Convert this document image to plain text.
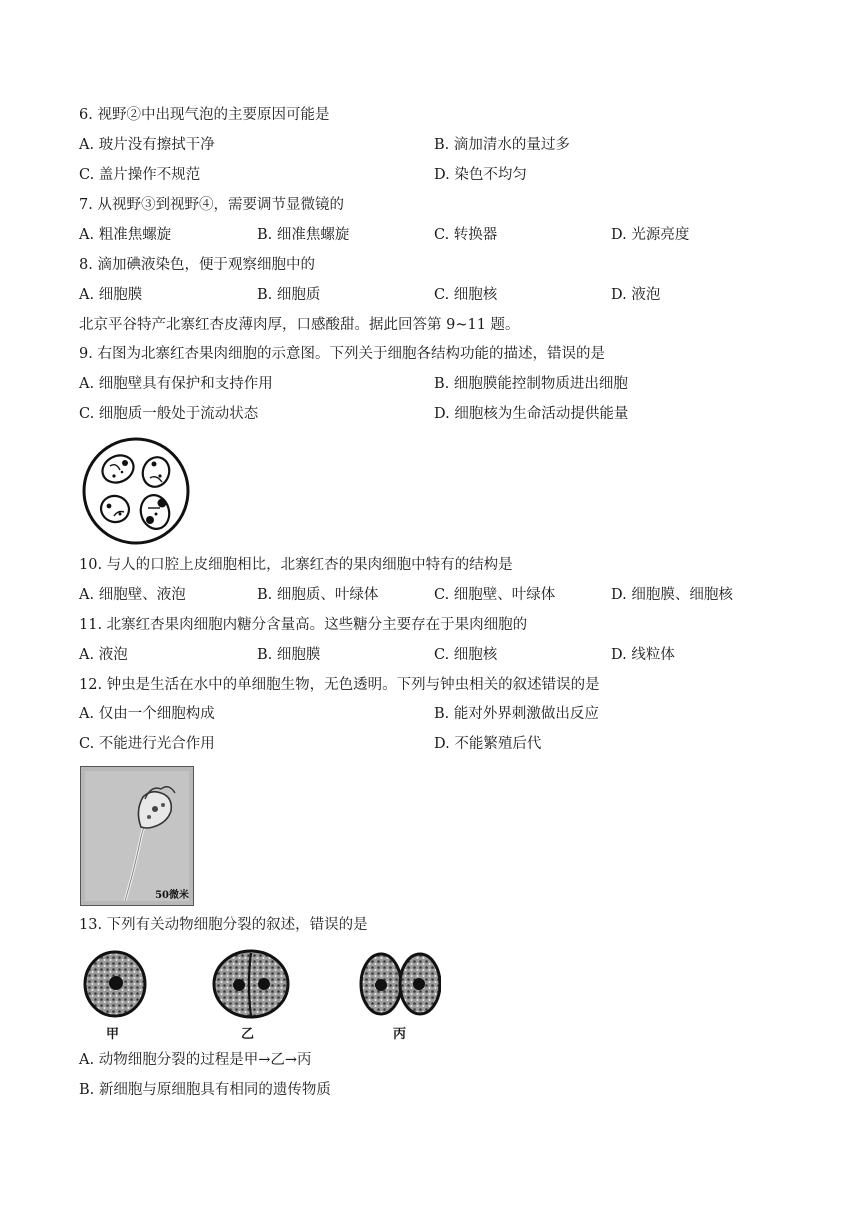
6. 视野②中出现气泡的主要原因可能是
A. 玻片没有擦拭干净	B. 滴加清水的量过多
C. 盖片操作不规范	D. 染色不均匀
7. 从视野③到视野④，需要调节显微镜的
A. 粗准焦螺旋	B. 细准焦螺旋	C. 转换器	D. 光源亮度
8. 滴加碘液染色，便于观察细胞中的
A. 细胞膜	B. 细胞质	C. 细胞核	D. 液泡
北京平谷特产北寨红杏皮薄肉厚，口感酸甜。据此回答第 9~11 题。
9. 右图为北寨红杏果肉细胞的示意图。下列关于细胞各结构功能的描述，错误的是
A. 细胞壁具有保护和支持作用	B. 细胞膜能控制物质进出细胞
C. 细胞质一般处于流动状态	D. 细胞核为生命活动提供能量
10. 与人的口腔上皮细胞相比，北寨红杏的果肉细胞中特有的结构是
A. 细胞壁、液泡	B. 细胞质、叶绿体	C. 细胞壁、叶绿体	D. 细胞膜、细胞核
11. 北寨红杏果肉细胞内糖分含量高。这些糖分主要存在于果肉细胞的
A. 液泡	B. 细胞膜	C. 细胞核	D. 线粒体
12. 钟虫是生活在水中的单细胞生物，无色透明。下列与钟虫相关的叙述错误的是
A. 仅由一个细胞构成	B. 能对外界刺激做出反应
C. 不能进行光合作用	D. 不能繁殖后代
50微米
13. 下列有关动物细胞分裂的叙述，错误的是
甲	乙	丙
A. 动物细胞分裂的过程是甲→乙→丙
B. 新细胞与原细胞具有相同的遗传物质
